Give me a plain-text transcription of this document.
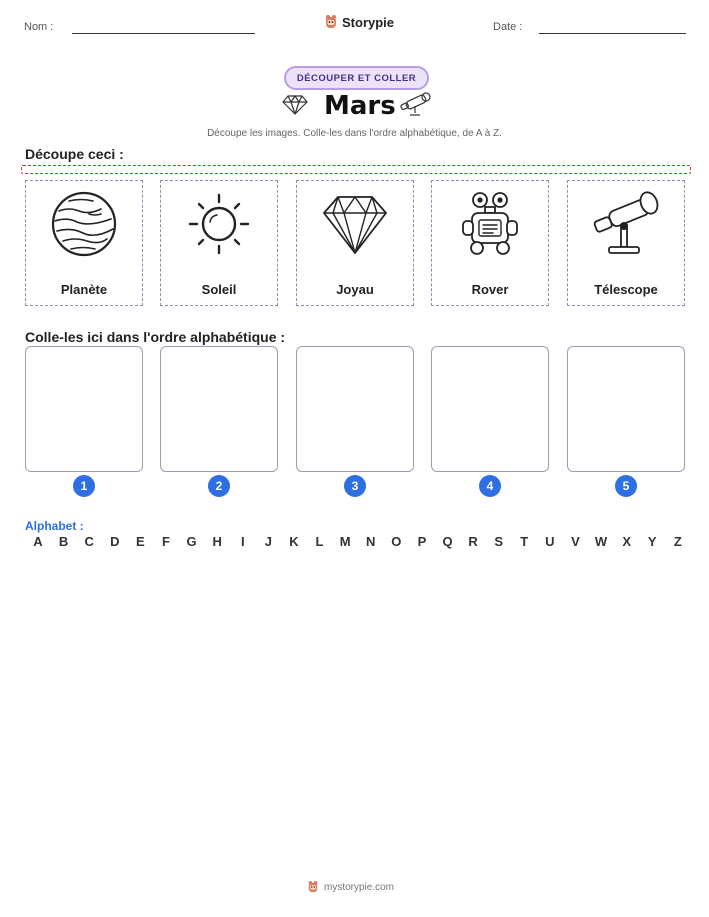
Nom :	Storypie	Date :
DÉCOUPER ET COLLER
Mars
Découpe les images. Colle-les dans l'ordre alphabétique, de A à Z.
Découpe ceci :
Planète	Soleil	Joyau	Rover	Télescope
Colle-les ici dans l'ordre alphabétique :
1	2	3	4	5
Alphabet :
A B C D E F G H	I	J K L M N O P Q R S T U V W X Y Z
mystorypie.com
